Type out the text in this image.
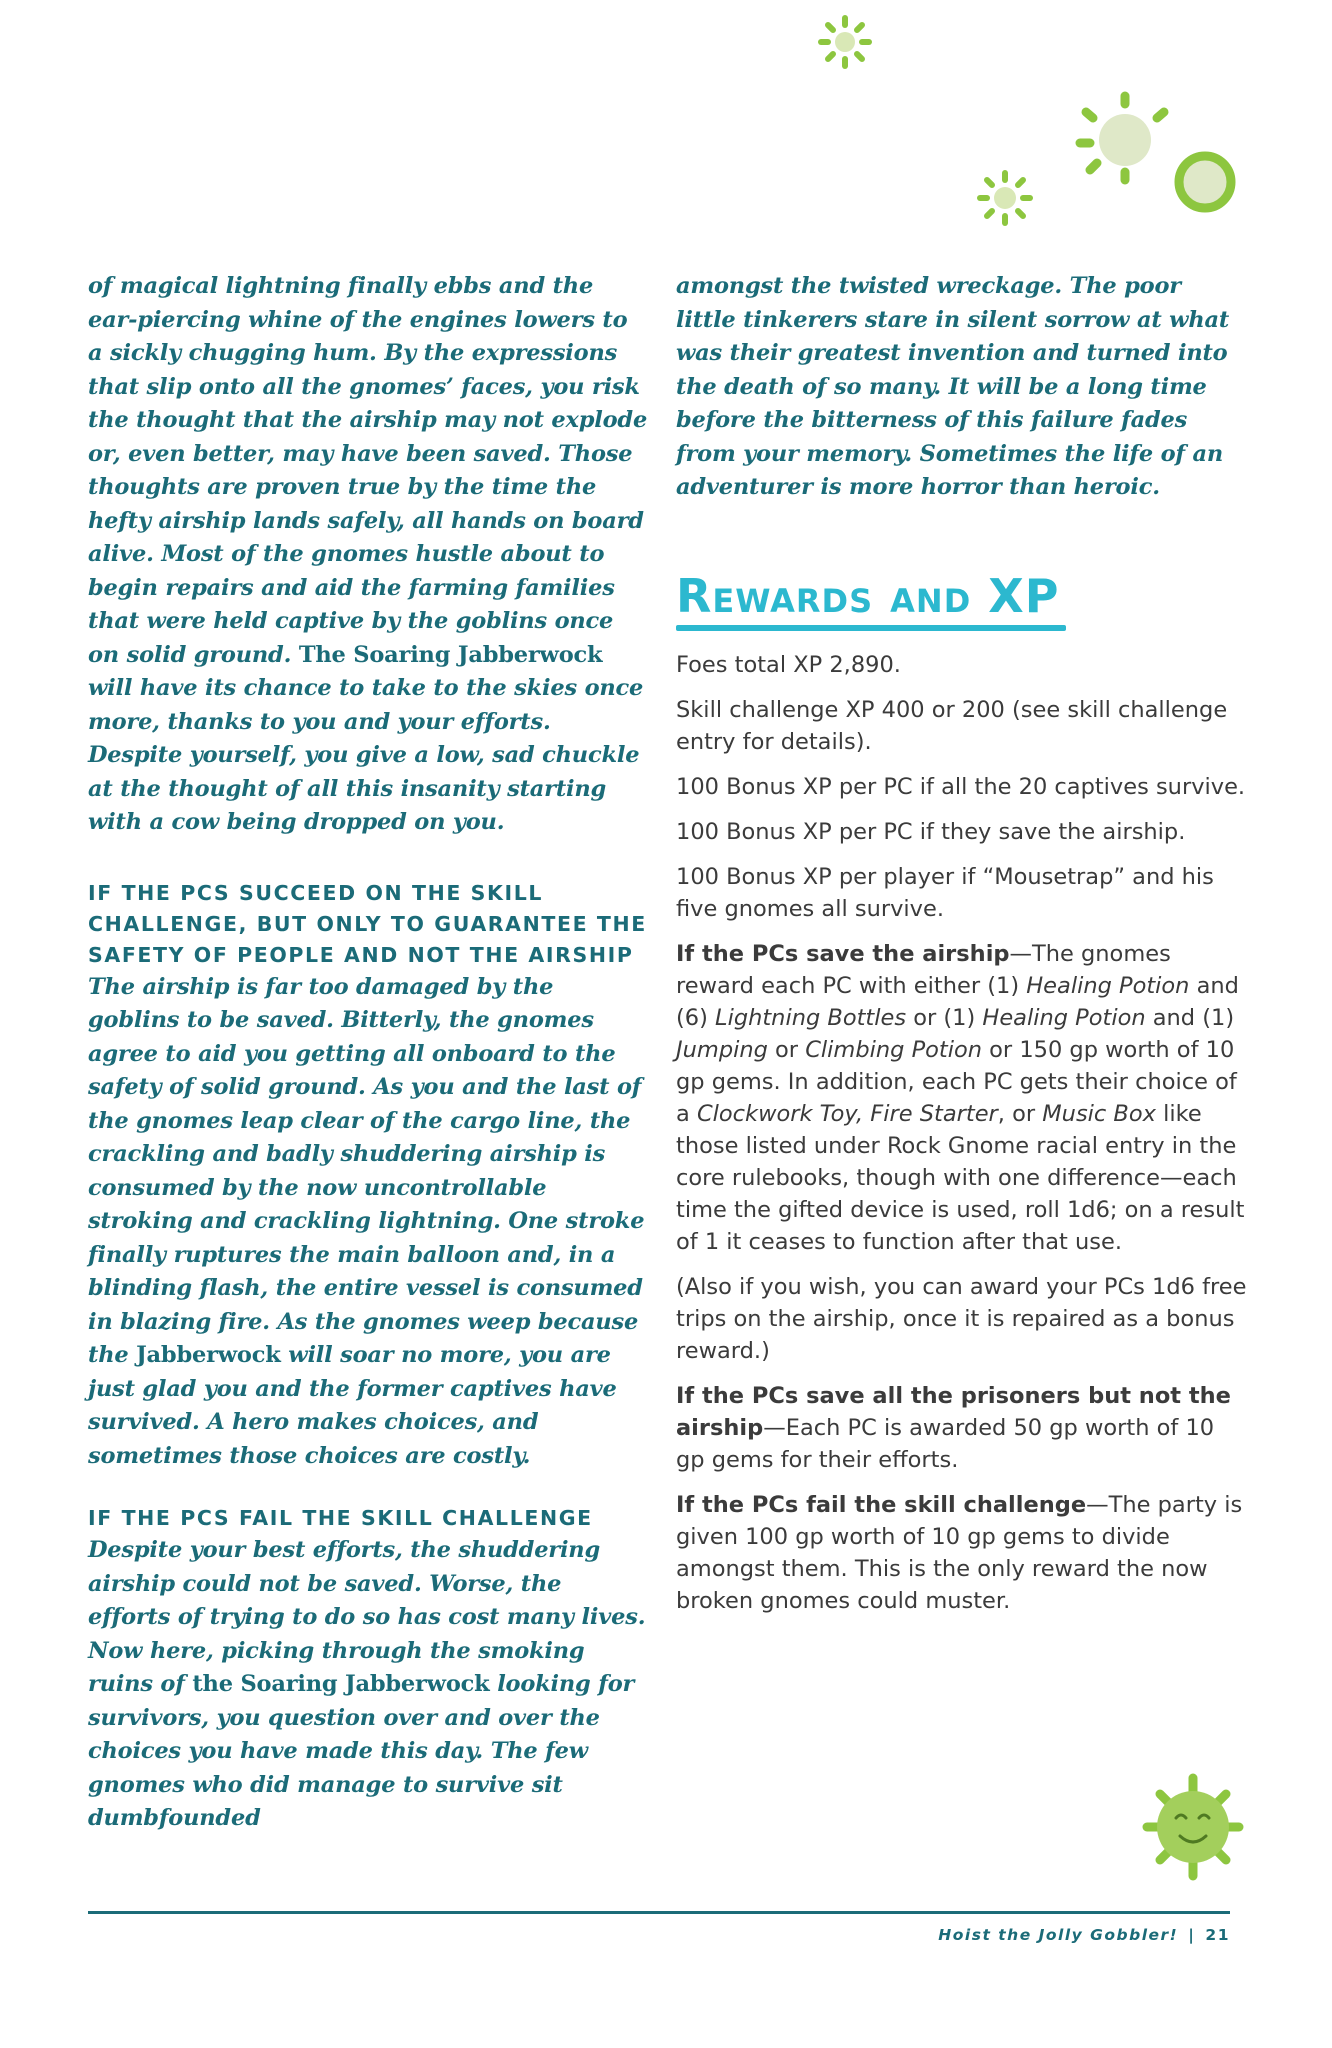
of magical lightning finally ebbs and the ear-piercing whine of the engines lowers to a sickly chugging hum. By the expressions that slip onto all the gnomes’ faces, you risk the thought that the airship may not explode or, even better, may have been saved. Those thoughts are proven true by the time the hefty airship lands safely, all hands on board alive. Most of the gnomes hustle about to begin repairs and aid the farming families that were held captive by the goblins once on solid ground. The Soaring Jabberwock will have its chance to take to the skies once more, thanks to you and your efforts. Despite yourself, you give a low, sad chuckle at the thought of all this insanity starting with a cow being dropped on you.

IF THE PCS SUCCEED ON THE SKILL CHALLENGE, BUT ONLY TO GUARANTEE THE SAFETY OF PEOPLE AND NOT THE AIRSHIP

The airship is far too damaged by the goblins to be saved. Bitterly, the gnomes agree to aid you getting all onboard to the safety of solid ground. As you and the last of the gnomes leap clear of the cargo line, the crackling and badly shuddering airship is consumed by the now uncontrollable stroking and crackling lightning. One stroke finally ruptures the main balloon and, in a blinding flash, the entire vessel is consumed in blazing fire. As the gnomes weep because the Jabberwock will soar no more, you are just glad you and the former captives have survived. A hero makes choices, and sometimes those choices are costly.

IF THE PCS FAIL THE SKILL CHALLENGE

Despite your best efforts, the shuddering airship could not be saved. Worse, the efforts of trying to do so has cost many lives. Now here, picking through the smoking ruins of the Soaring Jabberwock looking for survivors, you question over and over the choices you have made this day. The few gnomes who did manage to survive sit dumbfounded

amongst the twisted wreckage. The poor little tinkerers stare in silent sorrow at what was their greatest invention and turned into the death of so many. It will be a long time before the bitterness of this failure fades from your memory. Sometimes the life of an adventurer is more horror than heroic.

Rewards and XP

Foes total XP 2,890.

Skill challenge XP 400 or 200 (see skill challenge entry for details).

100 Bonus XP per PC if all the 20 captives survive.

100 Bonus XP per PC if they save the airship.

100 Bonus XP per player if “Mousetrap” and his five gnomes all survive.

If the PCs save the airship—The gnomes reward each PC with either (1) Healing Potion and (6) Lightning Bottles or (1) Healing Potion and (1) Jumping or Climbing Potion or 150 gp worth of 10 gp gems. In addition, each PC gets their choice of a Clockwork Toy, Fire Starter, or Music Box like those listed under Rock Gnome racial entry in the core rulebooks, though with one difference—each time the gifted device is used, roll 1d6; on a result of 1 it ceases to function after that use.

(Also if you wish, you can award your PCs 1d6 free trips on the airship, once it is repaired as a bonus reward.)

If the PCs save all the prisoners but not the airship—Each PC is awarded 50 gp worth of 10 gp gems for their efforts.

If the PCs fail the skill challenge—The party is given 100 gp worth of 10 gp gems to divide amongst them. This is the only reward the now broken gnomes could muster.

Hoist the Jolly Gobbler! | 21
